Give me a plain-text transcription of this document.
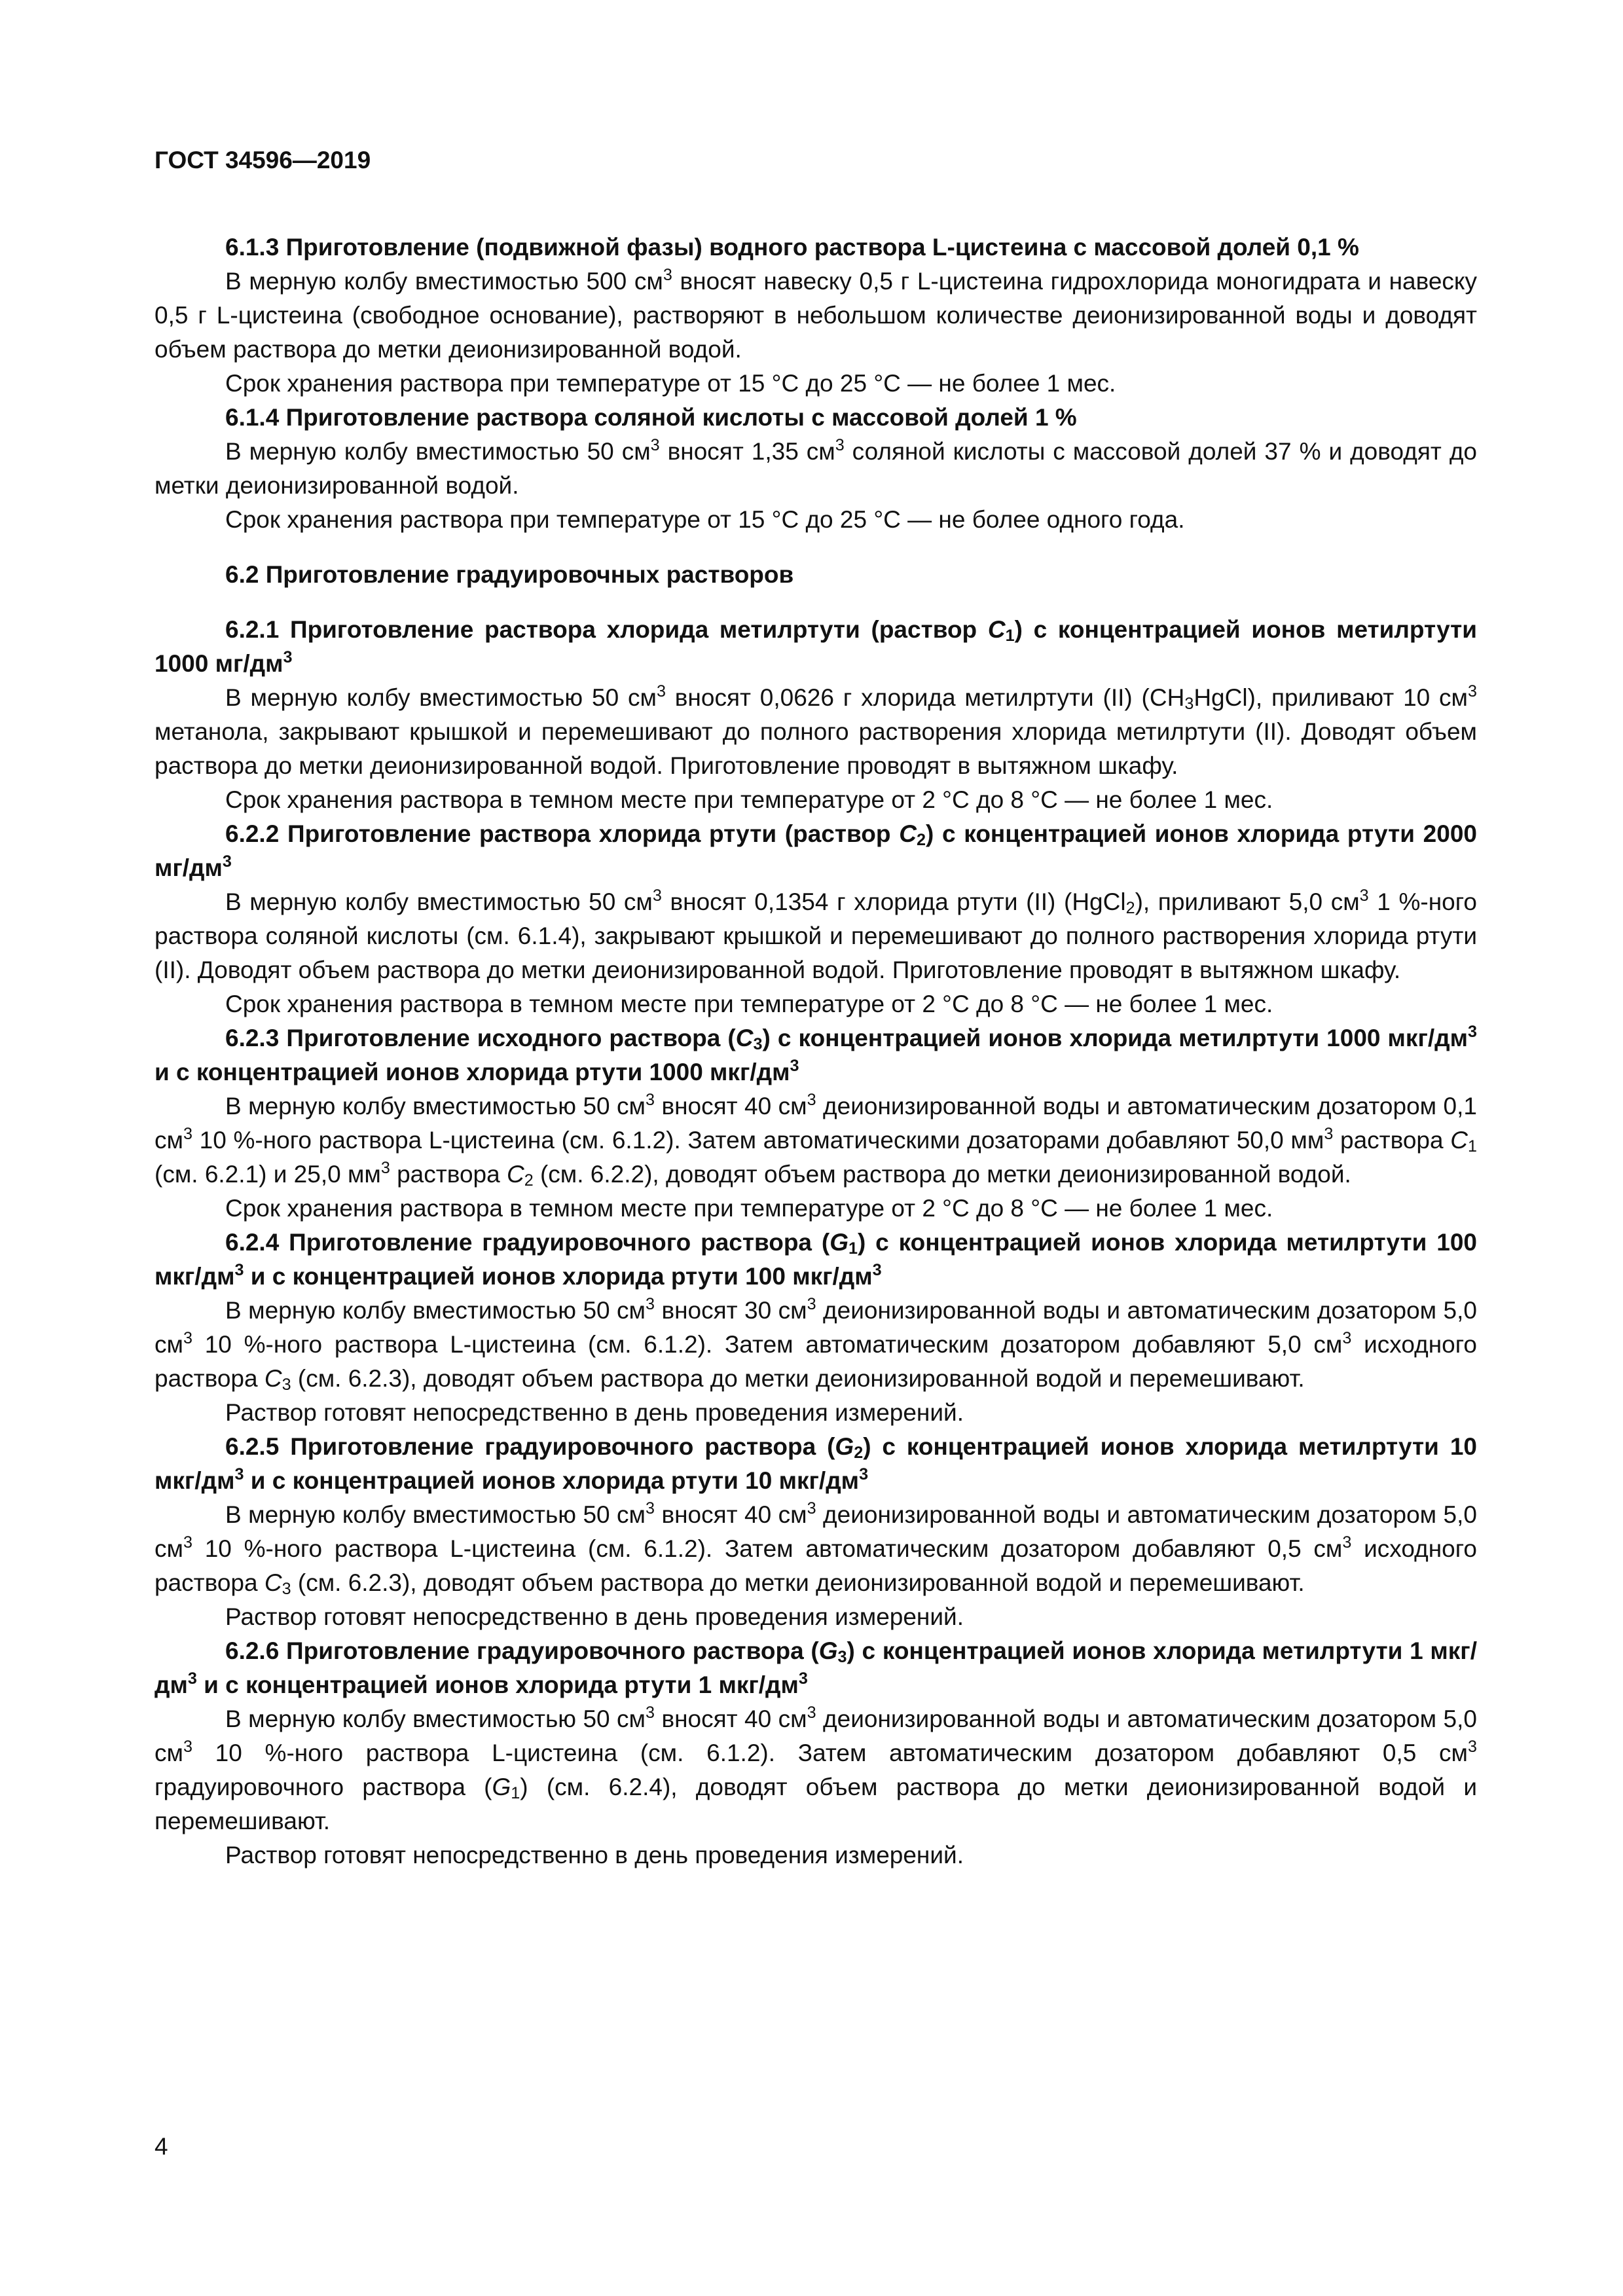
ГОСТ 34596—2019

6.1.3 Приготовление (подвижной фазы) водного раствора L-цистеина с массовой долей 0,1 %

В мерную колбу вместимостью 500 $см^3$ вносят навеску 0,5 г L-цистеина гидрохлорида моногидрата и навеску 0,5 г L-цистеина (свободное основание), растворяют в небольшом количестве деионизированной воды и доводят объем раствора до метки деионизированной водой.

Срок хранения раствора при температуре от 15 °С до 25 °С — не более 1 мес.

6.1.4 Приготовление раствора соляной кислоты с массовой долей 1 %

В мерную колбу вместимостью 50 $см^3$ вносят 1,35 $см^3$ соляной кислоты с массовой долей 37 % и доводят до метки деионизированной водой.

Срок хранения раствора при температуре от 15 °С до 25 °С — не более одного года.

6.2 Приготовление градуировочных растворов

6.2.1 Приготовление раствора хлорида метилртути (раствор $C_1$) с концентрацией ионов метилртути 1000 $мг/дм^3$

В мерную колбу вместимостью 50 $см^3$ вносят 0,0626 г хлорида метилртути (II) $(CH_3HgCl)$, приливают 10 $см^3$ метанола, закрывают крышкой и перемешивают до полного растворения хлорида метилртути (II). Доводят объем раствора до метки деионизированной водой. Приготовление проводят в вытяжном шкафу.

Срок хранения раствора в темном месте при температуре от 2 °С до 8 °С — не более 1 мес.

6.2.2 Приготовление раствора хлорида ртути (раствор $C_2$) с концентрацией ионов хлорида ртути 2000 $мг/дм^3$

В мерную колбу вместимостью 50 $см^3$ вносят 0,1354 г хлорида ртути (II) (HgCl$_2$), приливают 5,0 $см^3$ 1 %-ного раствора соляной кислоты (см. 6.1.4), закрывают крышкой и перемешивают до полного растворения хлорида ртути (II). Доводят объем раствора до метки деионизированной водой. Приготовление проводят в вытяжном шкафу.

Срок хранения раствора в темном месте при температуре от 2 °С до 8 °С — не более 1 мес.

6.2.3 Приготовление исходного раствора $(C_3)$ с концентрацией ионов хлорида метилртути 1000 мкг/$дм^3$ и с концентрацией ионов хлорида ртути 1000 мкг/$дм^3$

В мерную колбу вместимостью 50 $см^3$ вносят 40 $см^3$ деионизированной воды и автоматическим дозатором 0,1 $см^3$ 10 %-ного раствора L-цистеина (см. 6.1.2). Затем автоматическими дозаторами добавляют 50,0 $мм^3$ раствора $C_1$ (см. 6.2.1) и 25,0 $мм^3$ раствора $C_2$ (см. 6.2.2), доводят объем раствора до метки деионизированной водой.

Срок хранения раствора в темном месте при температуре от 2 °С до 8 °С — не более 1 мес.

6.2.4 Приготовление градуировочного раствора $(G_1)$ с концентрацией ионов хлорида метилртути 100 мкг/$дм^3$ и с концентрацией ионов хлорида ртути 100 мкг/$дм^3$

В мерную колбу вместимостью 50 $см^3$ вносят 30 $см^3$ деионизированной воды и автоматическим дозатором 5,0 $см^3$ 10 %-ного раствора L-цистеина (см. 6.1.2). Затем автоматическим дозатором добавляют 5,0 $см^3$ исходного раствора $C_3$ (см. 6.2.3), доводят объем раствора до метки деионизированной водой и перемешивают.

Раствор готовят непосредственно в день проведения измерений.

6.2.5 Приготовление градуировочного раствора $(G_2)$ с концентрацией ионов хлорида метилртути 10 мкг/$дм^3$ и с концентрацией ионов хлорида ртути 10 мкг/$дм^3$

В мерную колбу вместимостью 50 $см^3$ вносят 40 $см^3$ деионизированной воды и автоматическим дозатором 5,0 $см^3$ 10 %-ного раствора L-цистеина (см. 6.1.2). Затем автоматическим дозатором добавляют 0,5 $см^3$ исходного раствора $C_3$ (см. 6.2.3), доводят объем раствора до метки деионизированной водой и перемешивают.

Раствор готовят непосредственно в день проведения измерений.

6.2.6 Приготовление градуировочного раствора $(G_3)$ с концентрацией ионов хлорида метилртути 1 мкг/$дм^3$ и с концентрацией ионов хлорида ртути 1 мкг/$дм^3$

В мерную колбу вместимостью 50 $см^3$ вносят 40 $см^3$ деионизированной воды и автоматическим дозатором 5,0 $см^3$ 10 %-ного раствора L-цистеина (см. 6.1.2). Затем автоматическим дозатором добавляют 0,5 $см^3$ градуировочного раствора $(G_1)$ (см. 6.2.4), доводят объем раствора до метки деионизированной водой и перемешивают.

Раствор готовят непосредственно в день проведения измерений.

4
